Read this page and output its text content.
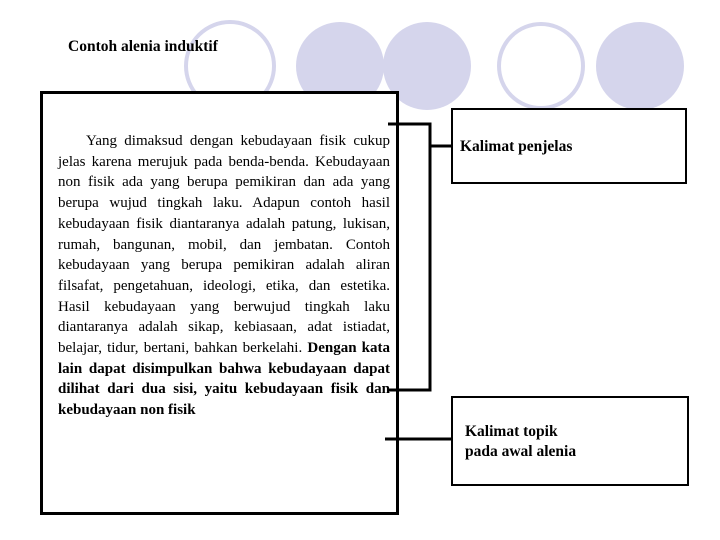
Contoh alenia induktif

Yang dimaksud dengan kebudayaan fisik cukup jelas karena merujuk pada benda-benda. Kebudayaan non fisik ada yang berupa pemikiran dan ada yang berupa wujud tingkah laku. Adapun contoh hasil kebudayaan fisik diantaranya adalah patung, lukisan, rumah, bangunan, mobil, dan jembatan. Contoh kebudayaan yang berupa pemikiran adalah aliran filsafat, pengetahuan, ideologi, etika, dan estetika. Hasil kebudayaan yang berwujud tingkah laku diantaranya adalah sikap, kebiasaan, adat istiadat, belajar, tidur, bertani, bahkan berkelahi. Dengan kata lain dapat disimpulkan bahwa kebudayaan dapat dilihat dari dua sisi, yaitu kebudayaan fisik dan kebudayaan non fisik

Kalimat penjelas
Kalimat topik
pada awal alenia
